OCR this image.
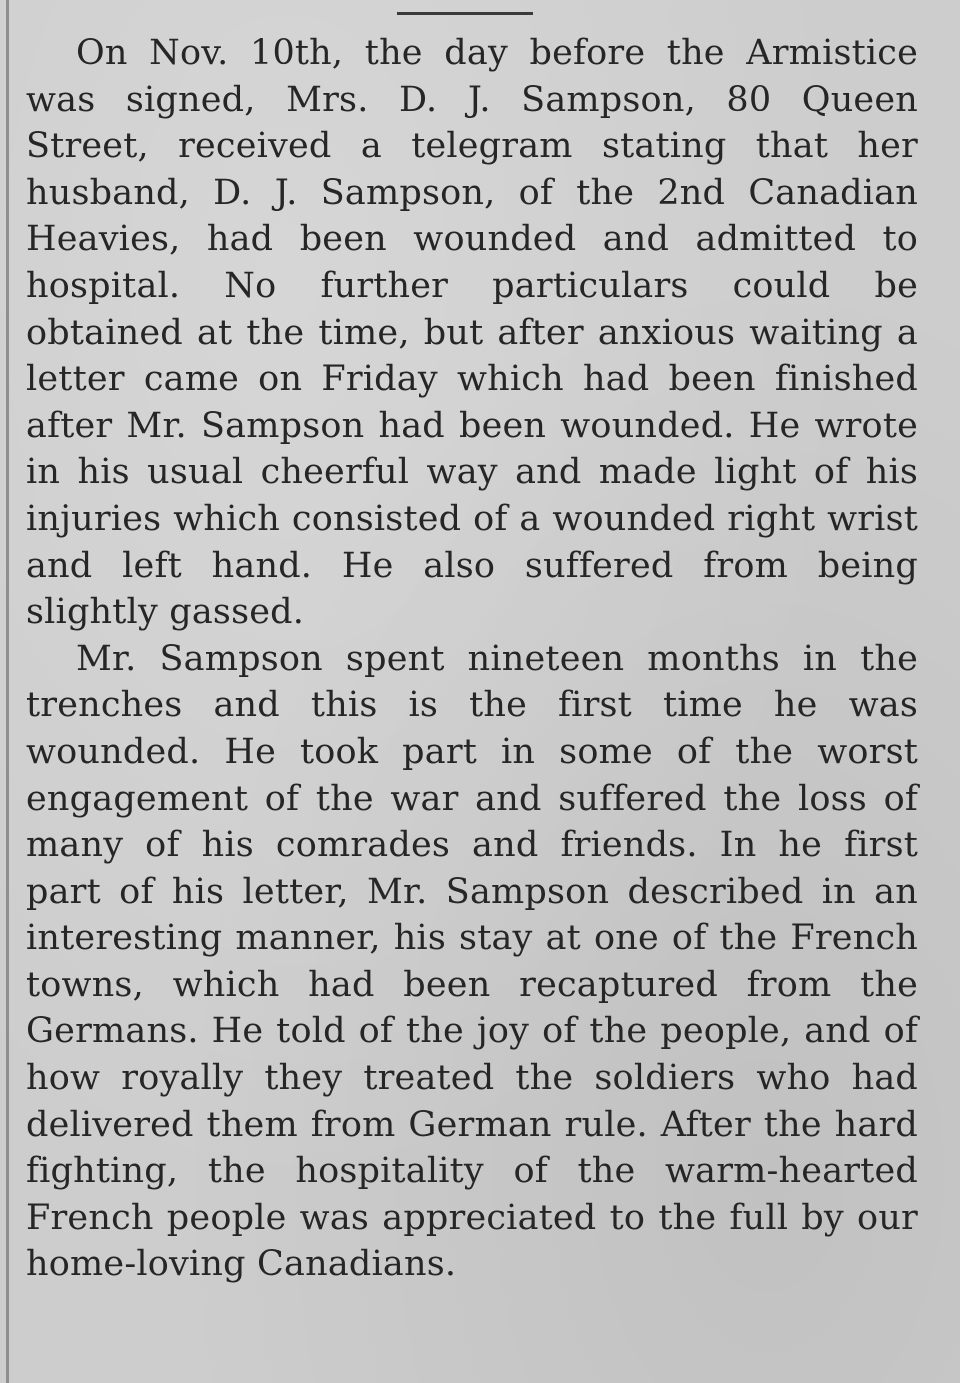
On Nov. 10th, the day before the Armistice was signed, Mrs. D. J. Sampson, 80 Queen Street, received a telegram stating that her husband, D. J. Sampson, of the 2nd Canadian Heavies, had been wounded and admitted to hospital. No further particulars could be obtained at the time, but after anxious waiting a letter came on Friday which had been finished after Mr. Sampson had been wounded. He wrote in his usual cheerful way and made light of his injuries which consisted of a wounded right wrist and left hand. He also suffered from being slightly gassed.

Mr. Sampson spent nineteen months in the trenches and this is the first time he was wounded. He took part in some of the worst engagement of the war and suffered the loss of many of his comrades and friends. In he first part of his letter, Mr. Sampson described in an interesting manner, his stay at one of the French towns, which had been recaptured from the Germans. He told of the joy of the people, and of how royally they treated the soldiers who had delivered them from German rule. After the hard fighting, the hospitality of the warm-hearted French people was appreciated to the full by our home-loving Canadians.
